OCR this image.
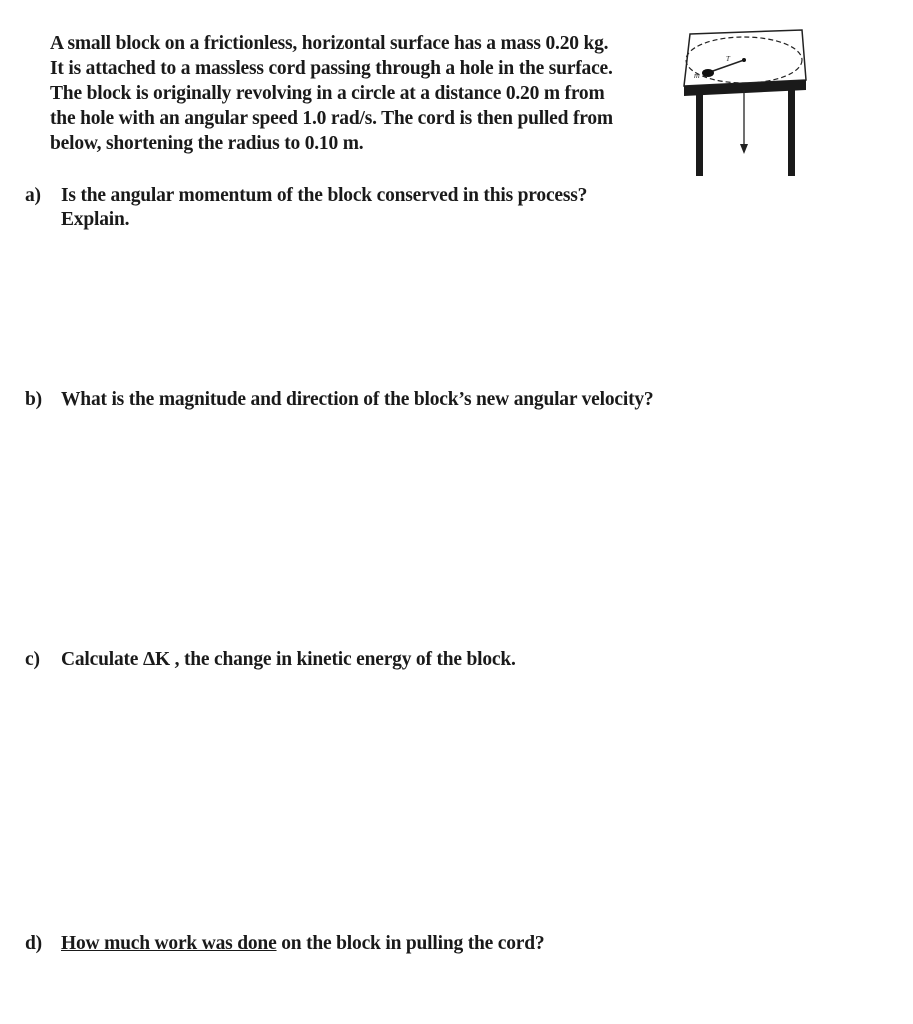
A small block on a frictionless, horizontal surface has a mass 0.20 kg.
It is attached to a massless cord passing through a hole in the surface.
The block is originally revolving in a circle at a distance 0.20 m from
the hole with an angular speed 1.0 rad/s. The cord is then pulled from
below, shortening the radius to 0.10 m.
m
T
a) Is the angular momentum of the block conserved in this process?
Explain.
b) What is the magnitude and direction of the block’s new angular velocity?
c) Calculate ΔK , the change in kinetic energy of the block.
d) How much work was done on the block in pulling the cord?
